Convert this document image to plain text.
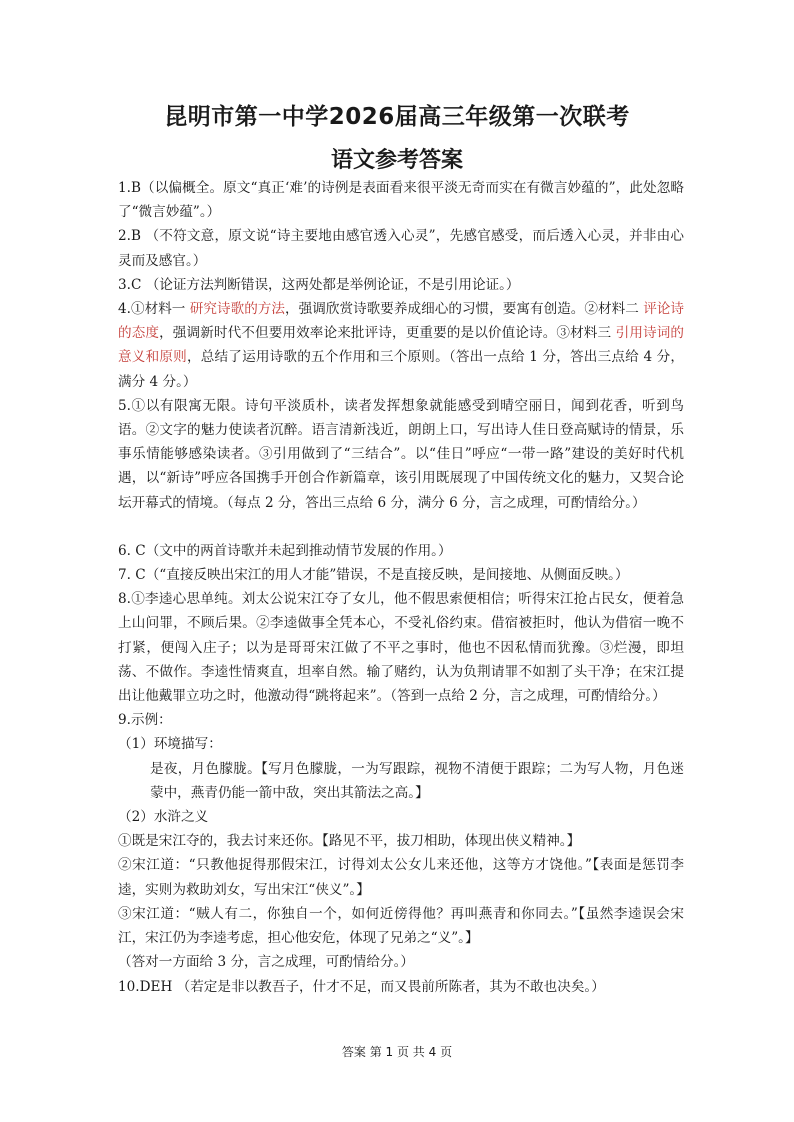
昆明市第一中学2026届高三年级第一次联考
语文参考答案

1.B（以偏概全。原文“真正‘难’的诗例是表面看来很平淡无奇而实在有微言妙蕴的”，此处忽略了“微言妙蕴”。）

2.B （不符文意，原文说“诗主要地由感官透入心灵”，先感官感受，而后透入心灵，并非由心灵而及感官。）

3.C （论证方法判断错误，这两处都是举例论证，不是引用论证。）

4.①材料一 研究诗歌的方法，强调欣赏诗歌要养成细心的习惯，要寓有创造。②材料二 评论诗的态度，强调新时代不但要用效率论来批评诗，更重要的是以价值论诗。③材料三 引用诗词的意义和原则，总结了运用诗歌的五个作用和三个原则。（答出一点给 1 分，答出三点给 4 分，满分 4 分。）

5.①以有限寓无限。诗句平淡质朴，读者发挥想象就能感受到晴空丽日，闻到花香，听到鸟语。②文字的魅力使读者沉醉。语言清新浅近，朗朗上口，写出诗人佳日登高赋诗的情景，乐事乐情能够感染读者。③引用做到了“三结合”。以“佳日”呼应“一带一路”建设的美好时代机遇，以“新诗”呼应各国携手开创合作新篇章，该引用既展现了中国传统文化的魅力，又契合论坛开幕式的情境。（每点 2 分，答出三点给 6 分，满分 6 分，言之成理，可酌情给分。）

6. C（文中的两首诗歌并未起到推动情节发展的作用。）

7. C（“直接反映出宋江的用人才能”错误，不是直接反映，是间接地、从侧面反映。）

8.①李逵心思单纯。刘太公说宋江夺了女儿，他不假思索便相信；听得宋江抢占民女，便着急上山问罪，不顾后果。②李逵做事全凭本心，不受礼俗约束。借宿被拒时，他认为借宿一晚不打紧，便闯入庄子；以为是哥哥宋江做了不平之事时，他也不因私情而犹豫。③烂漫，即坦荡、不做作。李逵性情爽直，坦率自然。输了赌约，认为负荆请罪不如割了头干净；在宋江提出让他戴罪立功之时，他激动得“跳将起来”。（答到一点给 2 分，言之成理，可酌情给分。）

9.示例：

（1）环境描写：

是夜，月色朦胧。【写月色朦胧，一为写跟踪，视物不清便于跟踪；二为写人物，月色迷蒙中，燕青仍能一箭中敌，突出其箭法之高。】

（2）水浒之义

①既是宋江夺的，我去讨来还你。【路见不平，拔刀相助，体现出侠义精神。】

②宋江道：“只教他捉得那假宋江，讨得刘太公女儿来还他，这等方才饶他。”【表面是惩罚李逵，实则为救助刘女，写出宋江“侠义”。】

③宋江道：“贼人有二，你独自一个，如何近傍得他？再叫燕青和你同去。”【虽然李逵误会宋江，宋江仍为李逵考虑，担心他安危，体现了兄弟之“义”。】

（答对一方面给 3 分，言之成理，可酌情给分。）

10.DEH （若定是非以教吾子，什才不足，而又畏前所陈者，其为不敢也决矣。）

答案 第 1 页 共 4 页
